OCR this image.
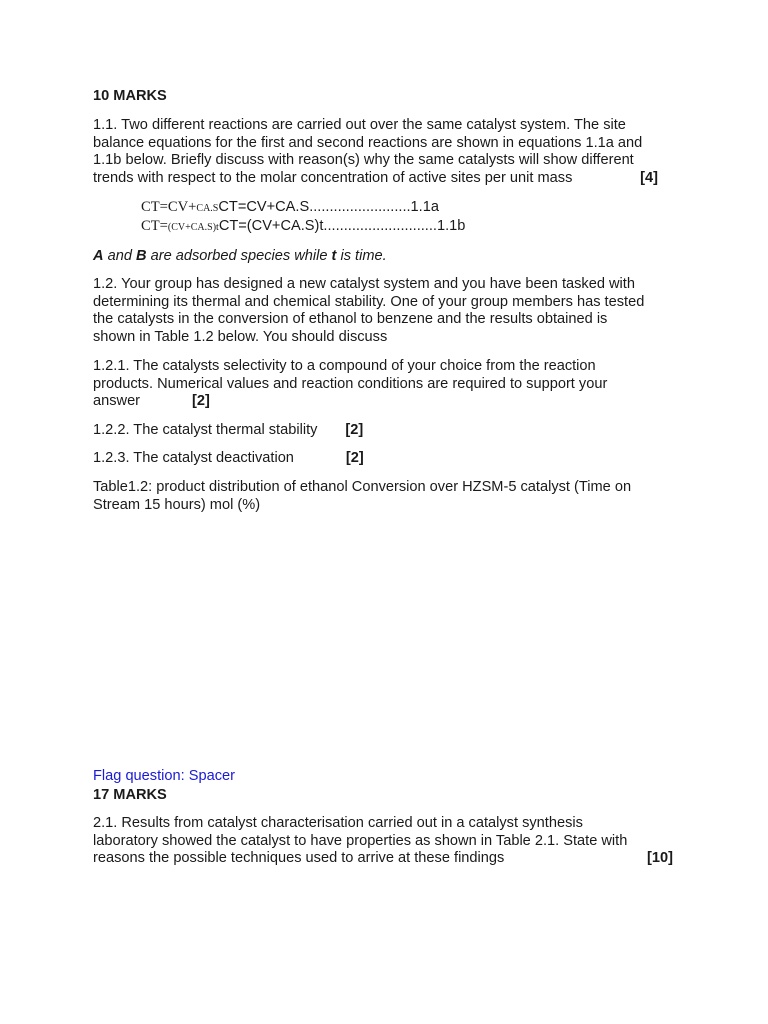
10 MARKS
1.1. Two different reactions are carried out over the same catalyst system. The site
balance equations for the first and second reactions are shown in equations 1.1a and
1.1b below. Briefly discuss with reason(s) why the same catalysts will show different
trends with respect to the molar concentration of active sites per unit mass	[4]
CT=CV+CA.SCT=CV+CA.S.........................1.1a
CT=(CV+CA.S)tCT=(CV+CA.S)t............................1.1b
A and B are adsorbed species while t is time.
1.2. Your group has designed a new catalyst system and you have been tasked with
determining its thermal and chemical stability. One of your group members has tested
the catalysts in the conversion of ethanol to benzene and the results obtained is
shown in Table 1.2 below. You should discuss
1.2.1. The catalysts selectivity to a compound of your choice from the reaction
products. Numerical values and reaction conditions are required to support your
answer	[2]
1.2.2. The catalyst thermal stability [2]
1.2.3. The catalyst deactivation	[2]
Table1.2: product distribution of ethanol Conversion over HZSM-5 catalyst (Time on
Stream 15 hours) mol (%)
Flag question: Spacer
17 MARKS
2.1. Results from catalyst characterisation carried out in a catalyst synthesis
laboratory showed the catalyst to have properties as shown in Table 2.1. State with
reasons the possible techniques used to arrive at these findings	[10]
